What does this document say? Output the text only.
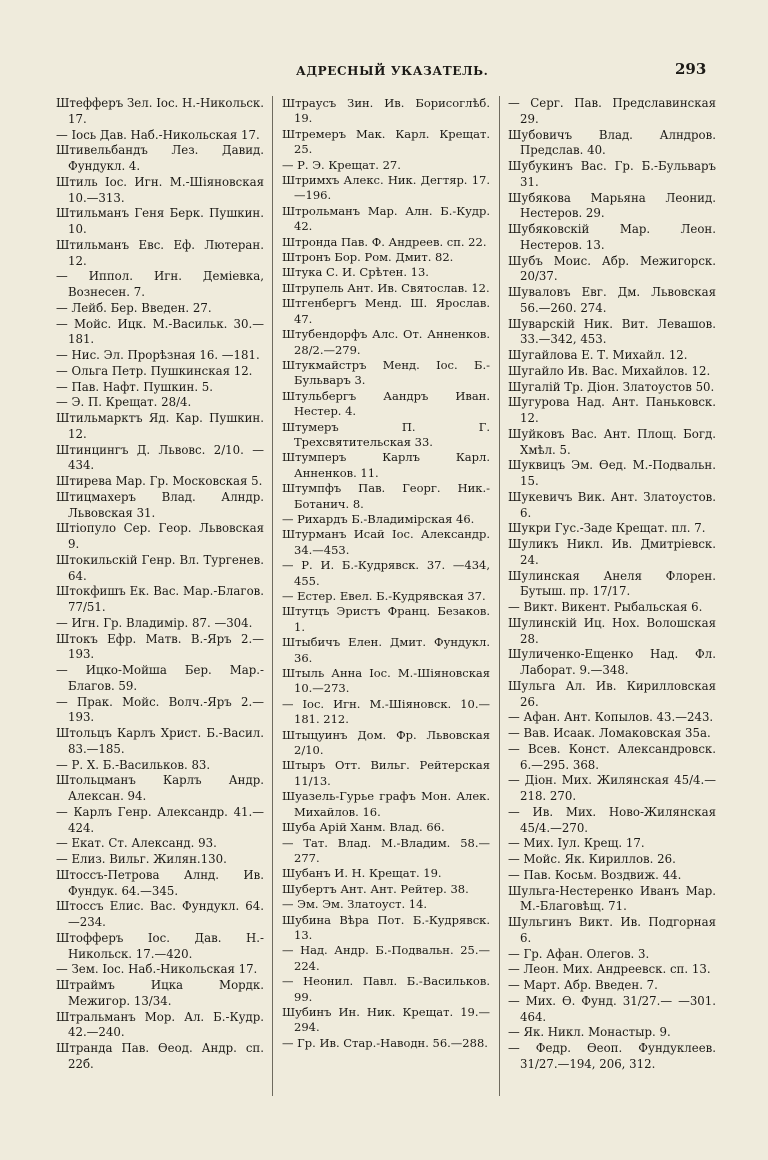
АДРЕСНЫЙ УКАЗАТЕЛЬ.	293
Штефферъ Зел. Іос. Н.-Никольск. 17.
— Іось Дав. Наб.-Никольская 17.
Штивельбандъ Лез. Давид. Фундукл. 4.
Штиль Іос. Игн. М.-Шіяновская 10.—313.
Штильманъ Геня Берк. Пушкин. 10.
Штильманъ Евс. Еф. Лютеран. 12.
— Иппол. Игн. Деміевка, Вознесен. 7.
— Лейб. Бер. Введен. 27.
— Мойс. Ицк. М.-Васильк. 30.—181.
— Нис. Эл. Прорѣзная 16. —181.
— Ольга Петр. Пушкинская 12.
— Пав. Нафт. Пушкин. 5.
— Э. П. Крещат. 28/4.
Штильмарктъ Яд. Кар. Пушкин. 12.
Штинцингъ Д. Львовс. 2/10. —434.
Штирева Мар. Гр. Московская 5.
Штицмахеръ Влад. Алндр. Львовская 31.
Штіопуло Сер. Геор. Львовская 9.
Штокильскій Генр. Вл. Тургенев. 64.
Штокфишъ Ек. Вас. Мар.-Благов. 77/51.
— Игн. Гр. Владимір. 87. —304.
Штокъ Ефр. Матв. В.-Яръ 2.—193.
— Ицко-Мойша Бер. Мар.-Благов. 59.
— Прак. Мойс. Волч.-Яръ 2.—193.
Штольцъ Карлъ Христ. Б.-Васил. 83.—185.
— Р. Х. Б.-Васильков. 83.
Штольцманъ Карлъ Андр. Алексан. 94.
— Карлъ Генр. Александр. 41.— 424.
— Екат. Ст. Александ. 93.
— Елиз. Вильг. Жилян.130.
Штоссъ-Петрова Алнд. Ив. Фундук. 64.—345.
Штоссъ Елис. Вас. Фундукл. 64.—234.
Штофферъ Іос. Дав. Н.-Никольск. 17.—420.
— Зем. Іос. Наб.-Никольская 17.
Штраймъ Ицка Мордк. Межигор. 13/34.
Штральманъ Мор. Ал. Б.-Кудр. 42.—240.
Штранда Пав. Ѳеод. Андр. сп. 22б.
Штраусъ Зин. Ив. Борисоглѣб. 19.
Штремеръ Мак. Карл. Крещат. 25.
— Р. Э. Крещат. 27.
Штримхъ Алекс. Ник. Дегтяр. 17.—196.
Штрольманъ Мар. Алн. Б.-Кудр. 42.
Штронда Пав. Ф. Андреев. сп. 22.
Штронъ Бор. Ром. Дмит. 82.
Штука С. И. Срѣтен. 13.
Штрупель Ант. Ив. Святослав. 12.
Штгенбергъ Менд. Ш. Ярослав. 47.
Штубендорфъ Алс. От. Анненков. 28/2.—279.
Штукмайстръ Менд. Іос. Б.-Бульваръ 3.
Штульбергъ Аандръ Иван. Нестер. 4.
Штумеръ П. Г. Трехсвятительская 33.
Штумперъ Карлъ Карл. Анненков. 11.
Штумпфъ Пав. Георг. Ник.-Ботанич. 8.
— Рихардъ Б.-Владимірская 46.
Штурманъ Исай Іос. Александр. 34.—453.
— Р. И. Б.-Кудрявск. 37. —434, 455.
— Естер. Евел. Б.-Кудрявская 37.
Штутцъ Эристъ Франц. Безаков. 1.
Штыбичъ Елен. Дмит. Фундукл. 36.
Штыль Анна Іос. М.-Шіяновская 10.—273.
— Іос. Игн. М.-Шіяновск. 10.—181. 212.
Штыцуинъ Дом. Фр. Львовская 2/10.
Штыръ Отт. Вильг. Рейтерская 11/13.
Шуазель-Гурье графъ Мон. Алек. Михайлов. 16.
Шуба Арій Ханм. Влад. 66.
— Тат. Влад. М.-Владим. 58.—277.
Шубанъ И. Н. Крещат. 19.
Шубертъ Ант. Ант. Рейтер. 38.
— Эм. Эм. Златоуст. 14.
Шубина Вѣра Пот. Б.-Кудрявск. 13.
— Над. Андр. Б.-Подвальн. 25.—224.
— Неонил. Павл. Б.-Васильков. 99.
Шубинъ Ин. Ник. Крещат. 19.—294.
— Гр. Ив. Стар.-Наводн. 56.—288.
— Серг. Пав. Предславинская 29.
Шубовичъ Влад. Алндров. Предслав. 40.
Шубукинъ Вас. Гр. Б.-Бульваръ 31.
Шубякова Марьяна Леонид. Нестеров. 29.
Шубяковскій Мар. Леон. Нестеров. 13.
Шубъ Моис. Абр. Межигорск. 20/37.
Шувaловъ Евг. Дм. Львовская 56.—260. 274.
Шуварскій Ник. Вит. Левашов. 33.—342, 453.
Шугайлова Е. Т. Михайл. 12.
Шугайло Ив. Вас. Михайлов. 12.
Шугалій Тр. Діон. Златоустов 50.
Шугурова Над. Ант. Паньковск. 12.
Шуйковъ Вас. Ант. Площ. Богд. Хмѣл. 5.
Шуквицъ Эм. Ѳед. М.-Подвальн. 15.
Шукевичъ Вик. Ант. Златоустов. 6.
Шукри Гус.-Заде Крещат. пл. 7.
Шуликъ Никл. Ив. Дмитріевск. 24.
Шулинская Анеля Флорен. Бутыш. пр. 17/17.
— Викт. Викент. Рыбальская 6.
Шулинскій Иц. Нох. Волошская 28.
Шуличенко-Ещенко Над. Фл. Лаборат. 9.—348.
Шульга Ал. Ив. Кирилловская 26.
— Афан. Ант. Копылов. 43.—243.
— Вав. Исаак. Ломаковская 35а.
— Всев. Конст. Александровск. 6.—295. 368.
— Діон. Мих. Жилянская 45/4.—218. 270.
— Ив. Мих. Ново-Жилянская 45/4.—270.
— Мих. Іул. Крещ. 17.
— Мойс. Як. Кириллов. 26.
— Пав. Косьм. Воздвиж. 44.
Шульга-Нестеренко Иванъ Мар. М.-Благовѣщ. 71.
Шульгинъ Викт. Ив. Подгорная 6.
— Гр. Афан. Олегов. 3.
— Леон. Мих. Андреевск. сп. 13.
— Март. Абр. Введен. 7.
— Мих. Ѳ. Фунд. 31/27.— —301. 464.
— Як. Никл. Монастыр. 9.
— Федр. Ѳеоп. Фундуклеев. 31/27.—194, 206, 312.
